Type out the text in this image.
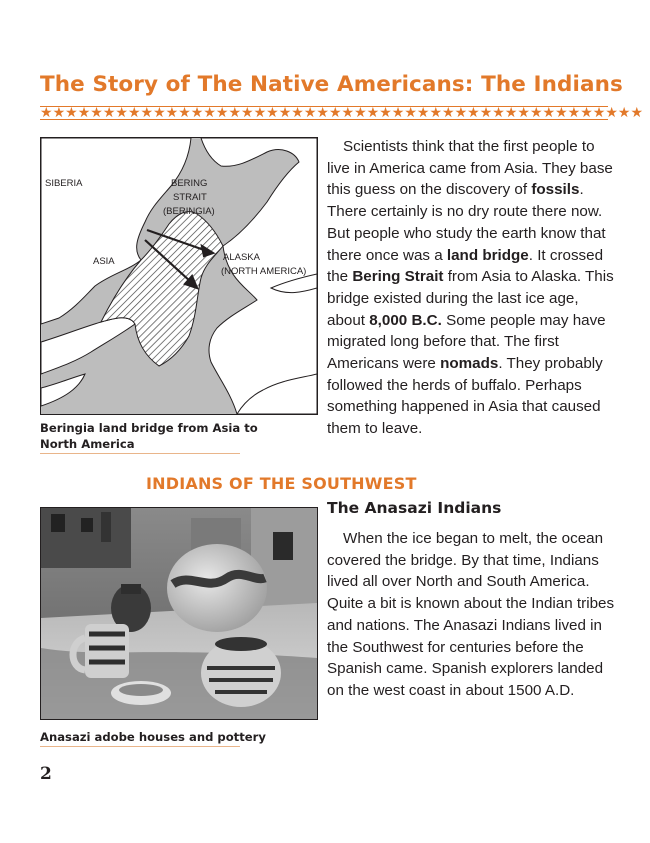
The Story of The Native Americans: The Indians
★ ★ ★ ★ ★ ★ ★ ★ ★ ★ ★ ★ ★ ★ ★ ★ ★ ★ ★ ★ ★ ★ ★ ★ ★ ★ ★ ★ ★ ★ ★ ★ ★ ★ ★ ★ ★ ★ ★ ★ ★ ★ ★ ★ ★ ★ ★ ★
SIBERIA	BERING
STRAIT
(BERINGIA)
ASIA	ALASKA
(NORTH AMERICA)

Beringia land bridge from Asia to North America

Scientists think that the first people to live in America came from Asia. They base this guess on the discovery of fossils. There certainly is no dry route there now. But people who study the earth know that there once was a land bridge. It crossed the Bering Strait from Asia to Alaska. This bridge existed during the last ice age, about 8,000 B.C. Some people may have migrated long before that. The first Americans were nomads. They probably followed the herds of buffalo. Perhaps something happened in Asia that caused them to leave.

INDIANS OF THE SOUTHWEST

Anasazi adobe houses and pottery

The Anasazi Indians

When the ice began to melt, the ocean covered the bridge. By that time, Indians lived all over North and South America. Quite a bit is known about the Indian tribes and nations. The Anasazi Indians lived in the Southwest for centuries before the Spanish came. Spanish explorers landed on the west coast in about 1500 A.D.

2
